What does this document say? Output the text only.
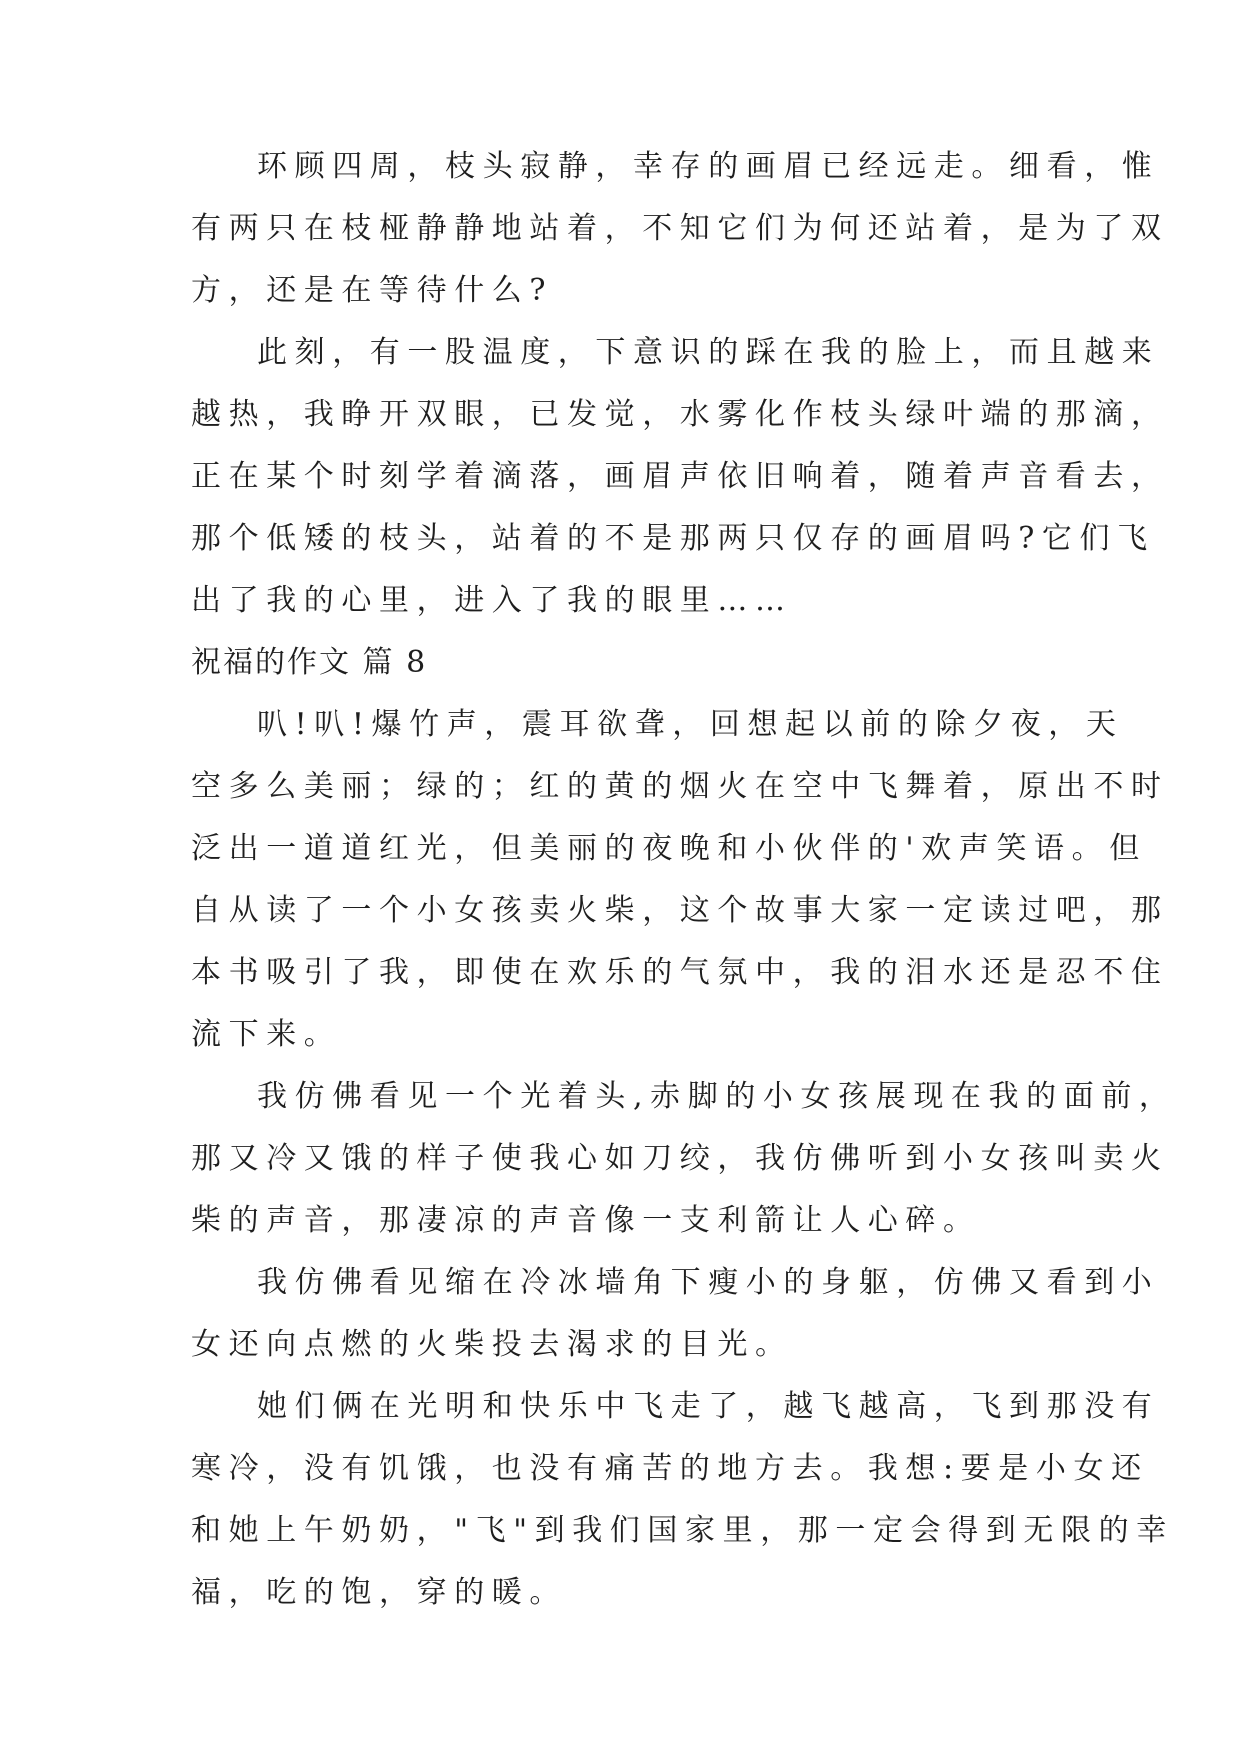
环顾四周，枝头寂静，幸存的画眉已经远走。细看，惟
有两只在枝桠静静地站着，不知它们为何还站着，是为了双
方，还是在等待什么?
此刻，有一股温度，下意识的踩在我的脸上，而且越来
越热，我睁开双眼，已发觉，水雾化作枝头绿叶端的那滴，
正在某个时刻学着滴落，画眉声依旧响着，随着声音看去，
那个低矮的枝头，站着的不是那两只仅存的画眉吗?它们飞
出了我的心里，进入了我的眼里……
祝福的作文 篇 8
叭!叭!爆竹声，震耳欲聋，回想起以前的除夕夜，天
空多么美丽；绿的；红的黄的烟火在空中飞舞着，原出不时
泛出一道道红光，但美丽的夜晚和小伙伴的'欢声笑语。但
自从读了一个小女孩卖火柴，这个故事大家一定读过吧，那
本书吸引了我，即使在欢乐的气氛中，我的泪水还是忍不住
流下来。
我仿佛看见一个光着头,赤脚的小女孩展现在我的面前，
那又冷又饿的样子使我心如刀绞，我仿佛听到小女孩叫卖火
柴的声音，那凄凉的声音像一支利箭让人心碎。
我仿佛看见缩在冷冰墙角下瘦小的身躯，仿佛又看到小
女还向点燃的火柴投去渴求的目光。
她们俩在光明和快乐中飞走了，越飞越高，飞到那没有
寒冷，没有饥饿，也没有痛苦的地方去。我想:要是小女还
和她上午奶奶，"飞"到我们国家里，那一定会得到无限的幸
福，吃的饱，穿的暖。
